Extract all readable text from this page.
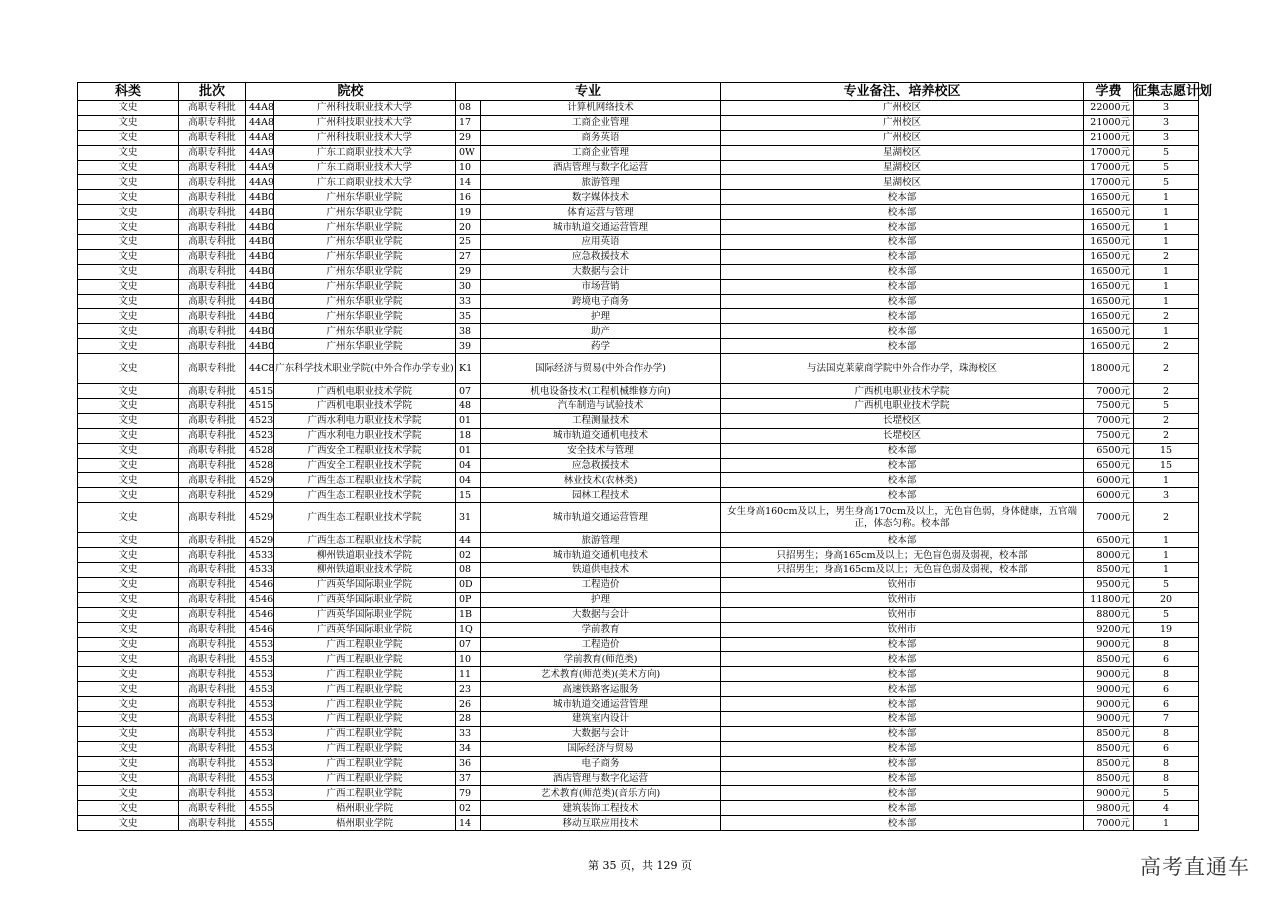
科类	批次	院校		专业		专业备注、培养校区	学费	征集志愿计划
文史	高职专科批	44A8	广州科技职业技术大学	08	计算机网络技术	广州校区	22000元	3
文史	高职专科批	44A8	广州科技职业技术大学	17	工商企业管理	广州校区	21000元	3
文史	高职专科批	44A8	广州科技职业技术大学	29	商务英语	广州校区	21000元	3
文史	高职专科批	44A9	广东工商职业技术大学	0W	工商企业管理	星湖校区	17000元	5
文史	高职专科批	44A9	广东工商职业技术大学	10	酒店管理与数字化运营	星湖校区	17000元	5
文史	高职专科批	44A9	广东工商职业技术大学	14	旅游管理	星湖校区	17000元	5
文史	高职专科批	44B0	广州东华职业学院	16	数字媒体技术	校本部	16500元	1
文史	高职专科批	44B0	广州东华职业学院	19	体育运营与管理	校本部	16500元	1
文史	高职专科批	44B0	广州东华职业学院	20	城市轨道交通运营管理	校本部	16500元	1
文史	高职专科批	44B0	广州东华职业学院	25	应用英语	校本部	16500元	1
文史	高职专科批	44B0	广州东华职业学院	27	应急救援技术	校本部	16500元	2
文史	高职专科批	44B0	广州东华职业学院	29	大数据与会计	校本部	16500元	1
文史	高职专科批	44B0	广州东华职业学院	30	市场营销	校本部	16500元	1
文史	高职专科批	44B0	广州东华职业学院	33	跨境电子商务	校本部	16500元	1
文史	高职专科批	44B0	广州东华职业学院	35	护理	校本部	16500元	2
文史	高职专科批	44B0	广州东华职业学院	38	助产	校本部	16500元	1
文史	高职专科批	44B0	广州东华职业学院	39	药学	校本部	16500元	2
文史	高职专科批	44C8	广东科学技术职业学院(中外合作办学专业)	K1	国际经济与贸易(中外合作办学)	与法国克莱蒙商学院中外合作办学，珠海校区	18000元	2
文史	高职专科批	4515	广西机电职业技术学院	07	机电设备技术(工程机械维修方向)	广西机电职业技术学院	7000元	2
文史	高职专科批	4515	广西机电职业技术学院	48	汽车制造与试验技术	广西机电职业技术学院	7500元	5
文史	高职专科批	4523	广西水利电力职业技术学院	01	工程测量技术	长堽校区	7000元	2
文史	高职专科批	4523	广西水利电力职业技术学院	18	城市轨道交通机电技术	长堽校区	7500元	2
文史	高职专科批	4528	广西安全工程职业技术学院	01	安全技术与管理	校本部	6500元	15
文史	高职专科批	4528	广西安全工程职业技术学院	04	应急救援技术	校本部	6500元	15
文史	高职专科批	4529	广西生态工程职业技术学院	04	林业技术(农林类)	校本部	6000元	1
文史	高职专科批	4529	广西生态工程职业技术学院	15	园林工程技术	校本部	6000元	3
文史	高职专科批	4529	广西生态工程职业技术学院	31	城市轨道交通运营管理	女生身高160cm及以上，男生身高170cm及以上，无色盲色弱，身体健康，五官端正，体态匀称。校本部	7000元	2
文史	高职专科批	4529	广西生态工程职业技术学院	44	旅游管理	校本部	6500元	1
文史	高职专科批	4533	柳州铁道职业技术学院	02	城市轨道交通机电技术	只招男生；身高165cm及以上；无色盲色弱及弱视，校本部	8000元	1
文史	高职专科批	4533	柳州铁道职业技术学院	08	铁道供电技术	只招男生；身高165cm及以上；无色盲色弱及弱视，校本部	8500元	1
文史	高职专科批	4546	广西英华国际职业学院	0D	工程造价	钦州市	9500元	5
文史	高职专科批	4546	广西英华国际职业学院	0P	护理	钦州市	11800元	20
文史	高职专科批	4546	广西英华国际职业学院	1B	大数据与会计	钦州市	8800元	5
文史	高职专科批	4546	广西英华国际职业学院	1Q	学前教育	钦州市	9200元	19
文史	高职专科批	4553	广西工程职业学院	07	工程造价	校本部	9000元	8
文史	高职专科批	4553	广西工程职业学院	10	学前教育(师范类)	校本部	8500元	6
文史	高职专科批	4553	广西工程职业学院	11	艺术教育(师范类)(美术方向)	校本部	9000元	8
文史	高职专科批	4553	广西工程职业学院	23	高速铁路客运服务	校本部	9000元	6
文史	高职专科批	4553	广西工程职业学院	26	城市轨道交通运营管理	校本部	9000元	6
文史	高职专科批	4553	广西工程职业学院	28	建筑室内设计	校本部	9000元	7
文史	高职专科批	4553	广西工程职业学院	33	大数据与会计	校本部	8500元	8
文史	高职专科批	4553	广西工程职业学院	34	国际经济与贸易	校本部	8500元	6
文史	高职专科批	4553	广西工程职业学院	36	电子商务	校本部	8500元	8
文史	高职专科批	4553	广西工程职业学院	37	酒店管理与数字化运营	校本部	8500元	8
文史	高职专科批	4553	广西工程职业学院	79	艺术教育(师范类)(音乐方向)	校本部	9000元	5
文史	高职专科批	4555	梧州职业学院	02	建筑装饰工程技术	校本部	9800元	4
文史	高职专科批	4555	梧州职业学院	14	移动互联应用技术	校本部	7000元	1
第 35 页，共 129 页	高考直通车
